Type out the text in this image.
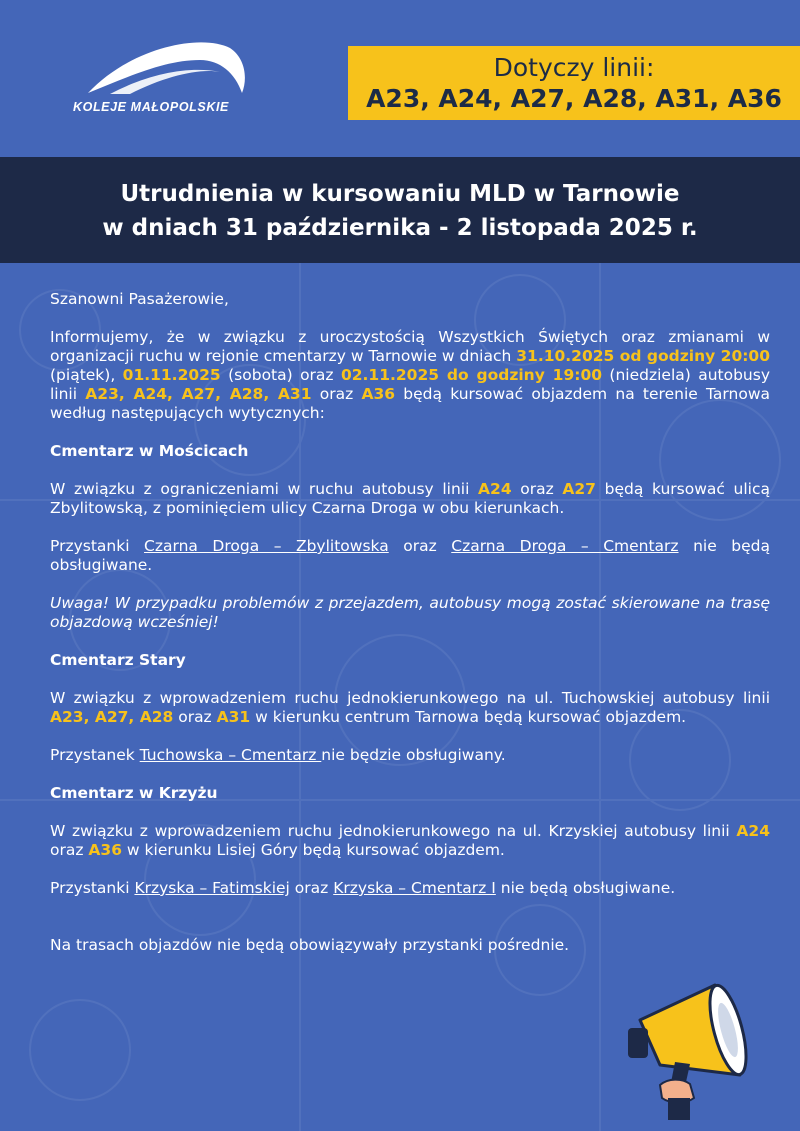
KOLEJE MAŁOPOLSKIE
Dotyczy linii:
A23, A24, A27, A28, A31, A36
Utrudnienia w kursowaniu MLD w Tarnowie
w dniach 31 października - 2 listopada 2025 r.

Szanowni Pasażerowie,

Informujemy, że w związku z uroczystością Wszystkich Świętych oraz zmianami w organizacji ruchu w rejonie cmentarzy w Tarnowie w dniach 31.10.2025 od godziny 20:00 (piątek), 01.11.2025 (sobota) oraz 02.11.2025 do godziny 19:00 (niedziela) autobusy linii A23, A24, A27, A28, A31 oraz A36 będą kursować objazdem na terenie Tarnowa według następujących wytycznych:

Cmentarz w Mościcach

W związku z ograniczeniami w ruchu autobusy linii A24 oraz A27 będą kursować ulicą Zbylitowską, z pominięciem ulicy Czarna Droga w obu kierunkach.

Przystanki Czarna Droga – Zbylitowska oraz Czarna Droga – Cmentarz nie będą obsługiwane.

Uwaga! W przypadku problemów z przejazdem, autobusy mogą zostać skierowane na trasę objazdową wcześniej!

Cmentarz Stary

W związku z wprowadzeniem ruchu jednokierunkowego na ul. Tuchowskiej autobusy linii A23, A27, A28 oraz A31 w kierunku centrum Tarnowa będą kursować objazdem.

Przystanek Tuchowska – Cmentarz nie będzie obsługiwany.

Cmentarz w Krzyżu

W związku z wprowadzeniem ruchu jednokierunkowego na ul. Krzyskiej autobusy linii A24 oraz A36 w kierunku Lisiej Góry będą kursować objazdem.

Przystanki Krzyska – Fatimskiej oraz Krzyska – Cmentarz I nie będą obsługiwane.

Na trasach objazdów nie będą obowiązywały przystanki pośrednie.
